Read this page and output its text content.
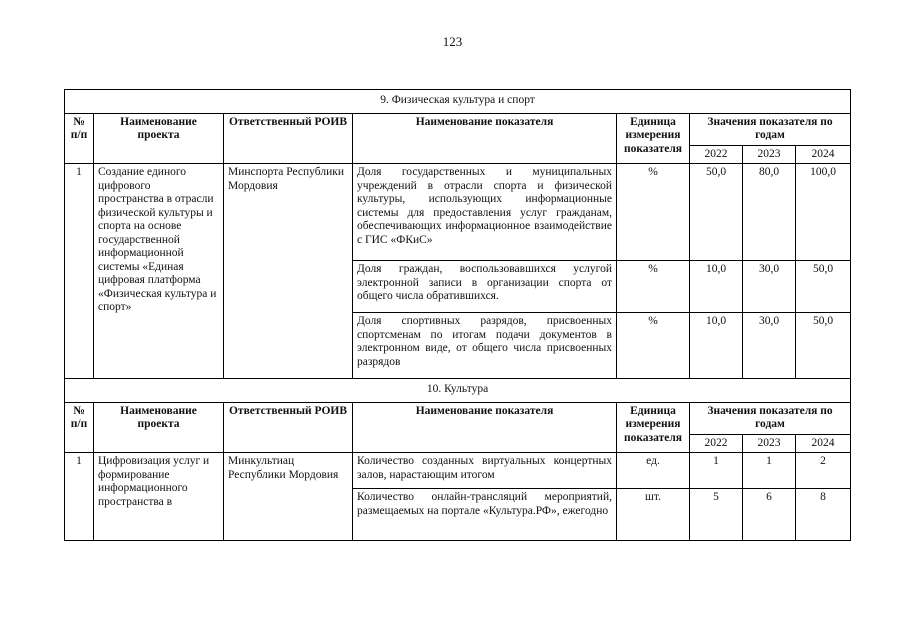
123
9. Физическая культура и спорт							
№ п/п	Наименование проекта	Ответственный РОИВ	Наименование показателя	Единица измерения показателя	Значения показателя по годам		
					2022	2023	2024
1	Создание единого цифрового пространства в отрасли физической культуры и спорта на основе государственной информационной системы «Единая цифровая платформа «Физическая культура и спорт»	Минспорта Республики Мордовия	Доля государственных и муниципальных учреждений в отрасли спорта и физической культуры, использующих информационные системы для предоставления услуг гражданам, обеспечивающих информационное взаимодействие с ГИС «ФКиС»	%	50,0	80,0	100,0
			Доля граждан, воспользовавшихся услугой электронной записи в организации спорта от общего числа обратившихся.	%	10,0	30,0	50,0
			Доля спортивных разрядов, присвоенных спортсменам по итогам подачи документов в электронном виде, от общего числа присвоенных разрядов	%	10,0	30,0	50,0
10. Культура							
№ п/п	Наименование проекта	Ответственный РОИВ	Наименование показателя	Единица измерения показателя	Значения показателя по годам		
					2022	2023	2024
1	Цифровизация услуг и формирование информационного пространства в	Минкультиац Республики Мордовия	Количество созданных виртуальных концертных залов, нарастающим итогом	ед.	1	1	2
			Количество онлайн-трансляций мероприятий, размещаемых на портале «Культура.РФ», ежегодно	шт.	5	6	8
